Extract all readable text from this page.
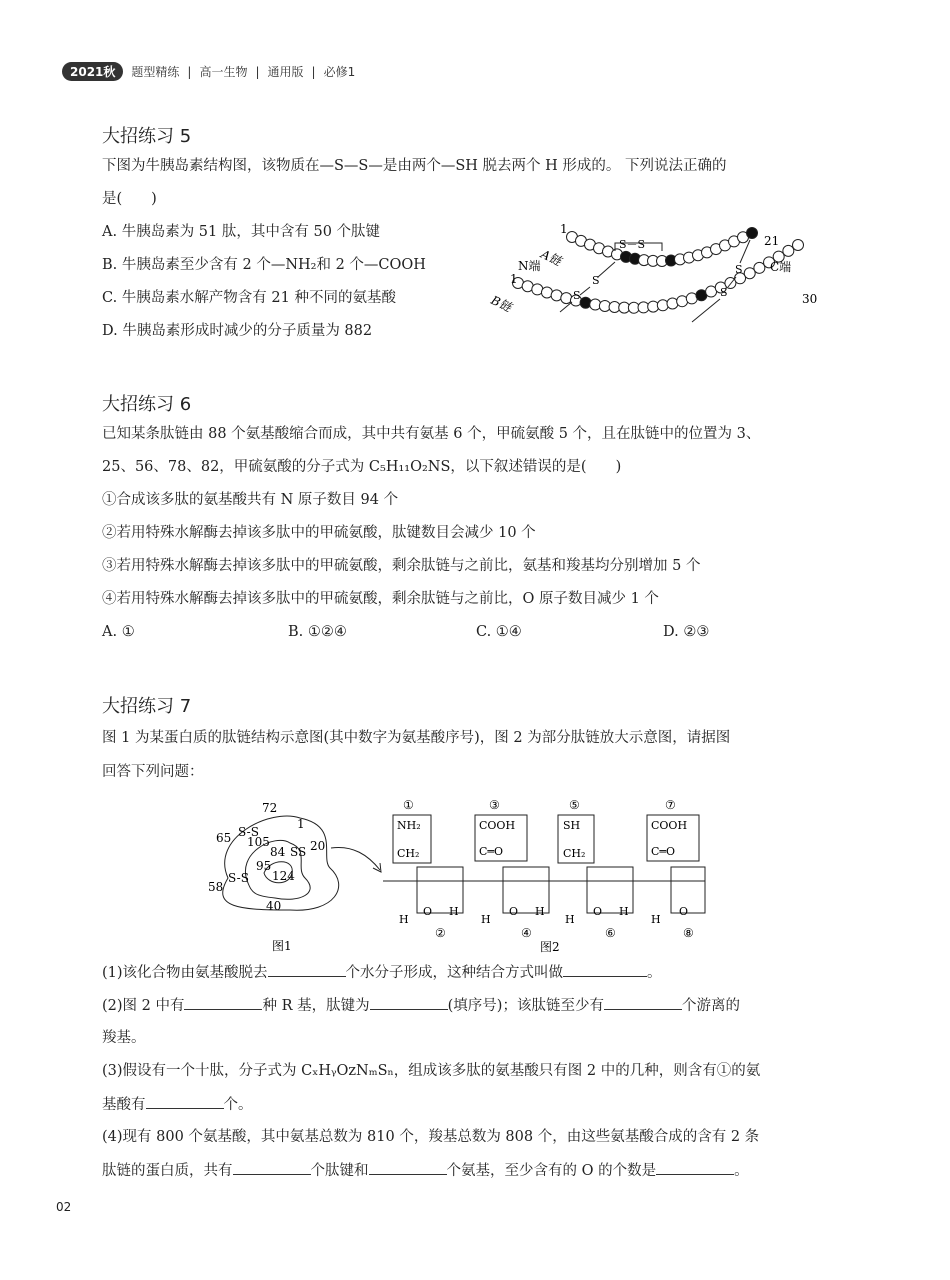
2021秋	题型精练 | 高一生物 | 通用版 | 必修1
大招练习 5
下图为牛胰岛素结构图，该物质在—S—S—是由两个—SH 脱去两个 H 形成的。 下列说法正确的
是(　　)
A. 牛胰岛素为 51 肽，其中含有 50 个肽键
B. 牛胰岛素至少含有 2 个—NH₂和 2 个—COOH
C. 牛胰岛素水解产物含有 21 种不同的氨基酸
D. 牛胰岛素形成时减少的分子质量为 882
1
21
1
30
A链
B链
N端	C端
S－S
S
S
S
S
大招练习 6
已知某条肽链由 88 个氨基酸缩合而成，其中共有氨基 6 个，甲硫氨酸 5 个，且在肽链中的位置为 3、
25、56、78、82，甲硫氨酸的分子式为 C₅H₁₁O₂NS，以下叙述错误的是(　　)
①合成该多肽的氨基酸共有 N 原子数目 94 个
②若用特殊水解酶去掉该多肽中的甲硫氨酸，肽键数目会减少 10 个
③若用特殊水解酶去掉该多肽中的甲硫氨酸，剩余肽链与之前比，氨基和羧基均分别增加 5 个
④若用特殊水解酶去掉该多肽中的甲硫氨酸，剩余肽链与之前比，O 原子数目减少 1 个
A. ①	B. ①②④	C. ①④	D. ②③
大招练习 7
图 1 为某蛋白质的肽链结构示意图(其中数字为氨基酸序号)，图 2 为部分肽链放大示意图，请据图
回答下列问题：
72
1
65 S-S
105
84 SS 20
95
124
S-S
58
40
图1
①	③	⑤	⑦
NH₂
CH₂
COOH
C═O
SH
CH₂
COOH
C═O
H
O H
H
O H
H
O H
H
O
②	④	⑥	⑧
图2
(1)该化合物由氨基酸脱去	个水分子形成，这种结合方式叫做	。
(2)图 2 中有	种 R 基，肽键为	(填序号)；该肽链至少有	个游离的
羧基。
(3)假设有一个十肽，分子式为 CₓHᵧOzNₘSₙ，组成该多肽的氨基酸只有图 2 中的几种，则含有①的氨
基酸有	个。
(4)现有 800 个氨基酸，其中氨基总数为 810 个，羧基总数为 808 个，由这些氨基酸合成的含有 2 条
肽链的蛋白质，共有	个肽键和	个氨基，至少含有的 O 的个数是	。
02
